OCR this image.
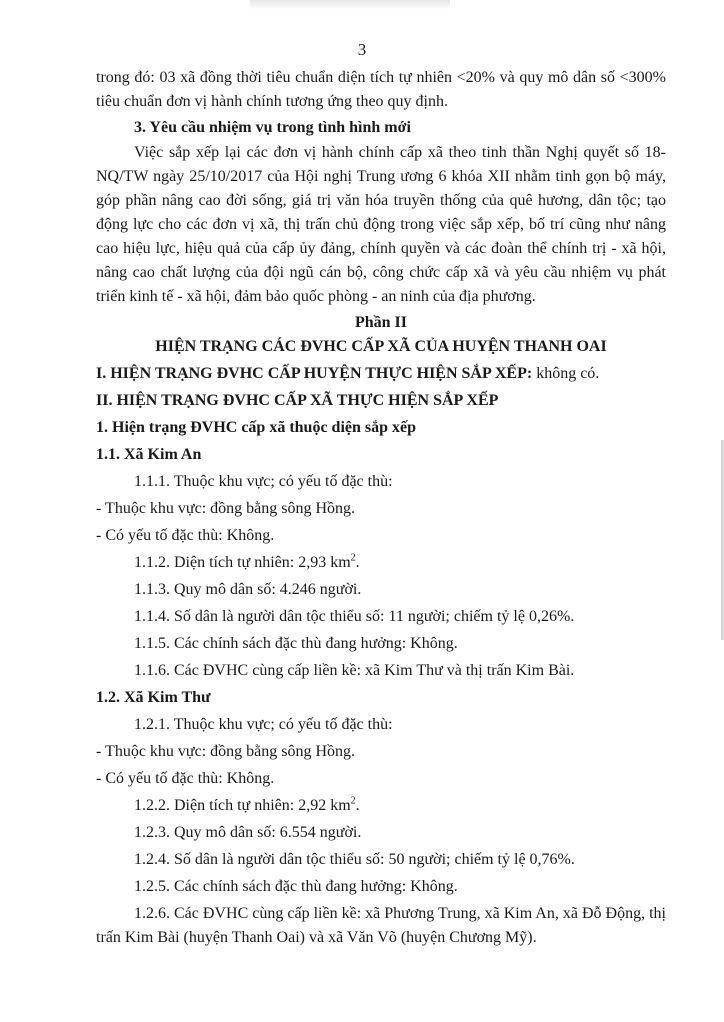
3

trong đó: 03 xã đồng thời tiêu chuẩn diện tích tự nhiên <20% và quy mô dân số <300% tiêu chuẩn đơn vị hành chính tương ứng theo quy định.

3. Yêu cầu nhiệm vụ trong tình hình mới

Việc sắp xếp lại các đơn vị hành chính cấp xã theo tinh thần Nghị quyết số 18-NQ/TW ngày 25/10/2017 của Hội nghị Trung ương 6 khóa XII nhằm tinh gọn bộ máy, góp phần nâng cao đời sống, giá trị văn hóa truyền thống của quê hương, dân tộc; tạo động lực cho các đơn vị xã, thị trấn chủ động trong việc sắp xếp, bố trí cũng như nâng cao hiệu lực, hiệu quả của cấp ủy đảng, chính quyền và các đoàn thể chính trị - xã hội, nâng cao chất lượng của đội ngũ cán bộ, công chức cấp xã và yêu cầu nhiệm vụ phát triển kinh tế - xã hội, đảm bảo quốc phòng - an ninh của địa phương.

Phần II

HIỆN TRẠNG CÁC ĐVHC CẤP XÃ CỦA HUYỆN THANH OAI

I. HIỆN TRẠNG ĐVHC CẤP HUYỆN THỰC HIỆN SẮP XẾP: không có.

II. HIỆN TRẠNG ĐVHC CẤP XÃ THỰC HIỆN SẮP XẾP

1. Hiện trạng ĐVHC cấp xã thuộc diện sắp xếp

1.1. Xã Kim An

1.1.1. Thuộc khu vực; có yếu tố đặc thù:

- Thuộc khu vực: đồng bằng sông Hồng.

- Có yếu tố đặc thù: Không.

1.1.2. Diện tích tự nhiên: 2,93 $km^2$.

1.1.3. Quy mô dân số: 4.246 người.

1.1.4. Số dân là người dân tộc thiểu số: 11 người; chiếm tỷ lệ 0,26%.

1.1.5. Các chính sách đặc thù đang hưởng: Không.

1.1.6. Các ĐVHC cùng cấp liền kề: xã Kim Thư và thị trấn Kim Bài.

1.2. Xã Kim Thư

1.2.1. Thuộc khu vực; có yếu tố đặc thù:

- Thuộc khu vực: đồng bằng sông Hồng.

- Có yếu tố đặc thù: Không.

1.2.2. Diện tích tự nhiên: 2,92 $km^2$.

1.2.3. Quy mô dân số: 6.554 người.

1.2.4. Số dân là người dân tộc thiểu số: 50 người; chiếm tỷ lệ 0,76%.

1.2.5. Các chính sách đặc thù đang hưởng: Không.

1.2.6. Các ĐVHC cùng cấp liền kề: xã Phương Trung, xã Kim An, xã Đỗ Động, thị trấn Kim Bài (huyện Thanh Oai) và xã Văn Võ (huyện Chương Mỹ).
